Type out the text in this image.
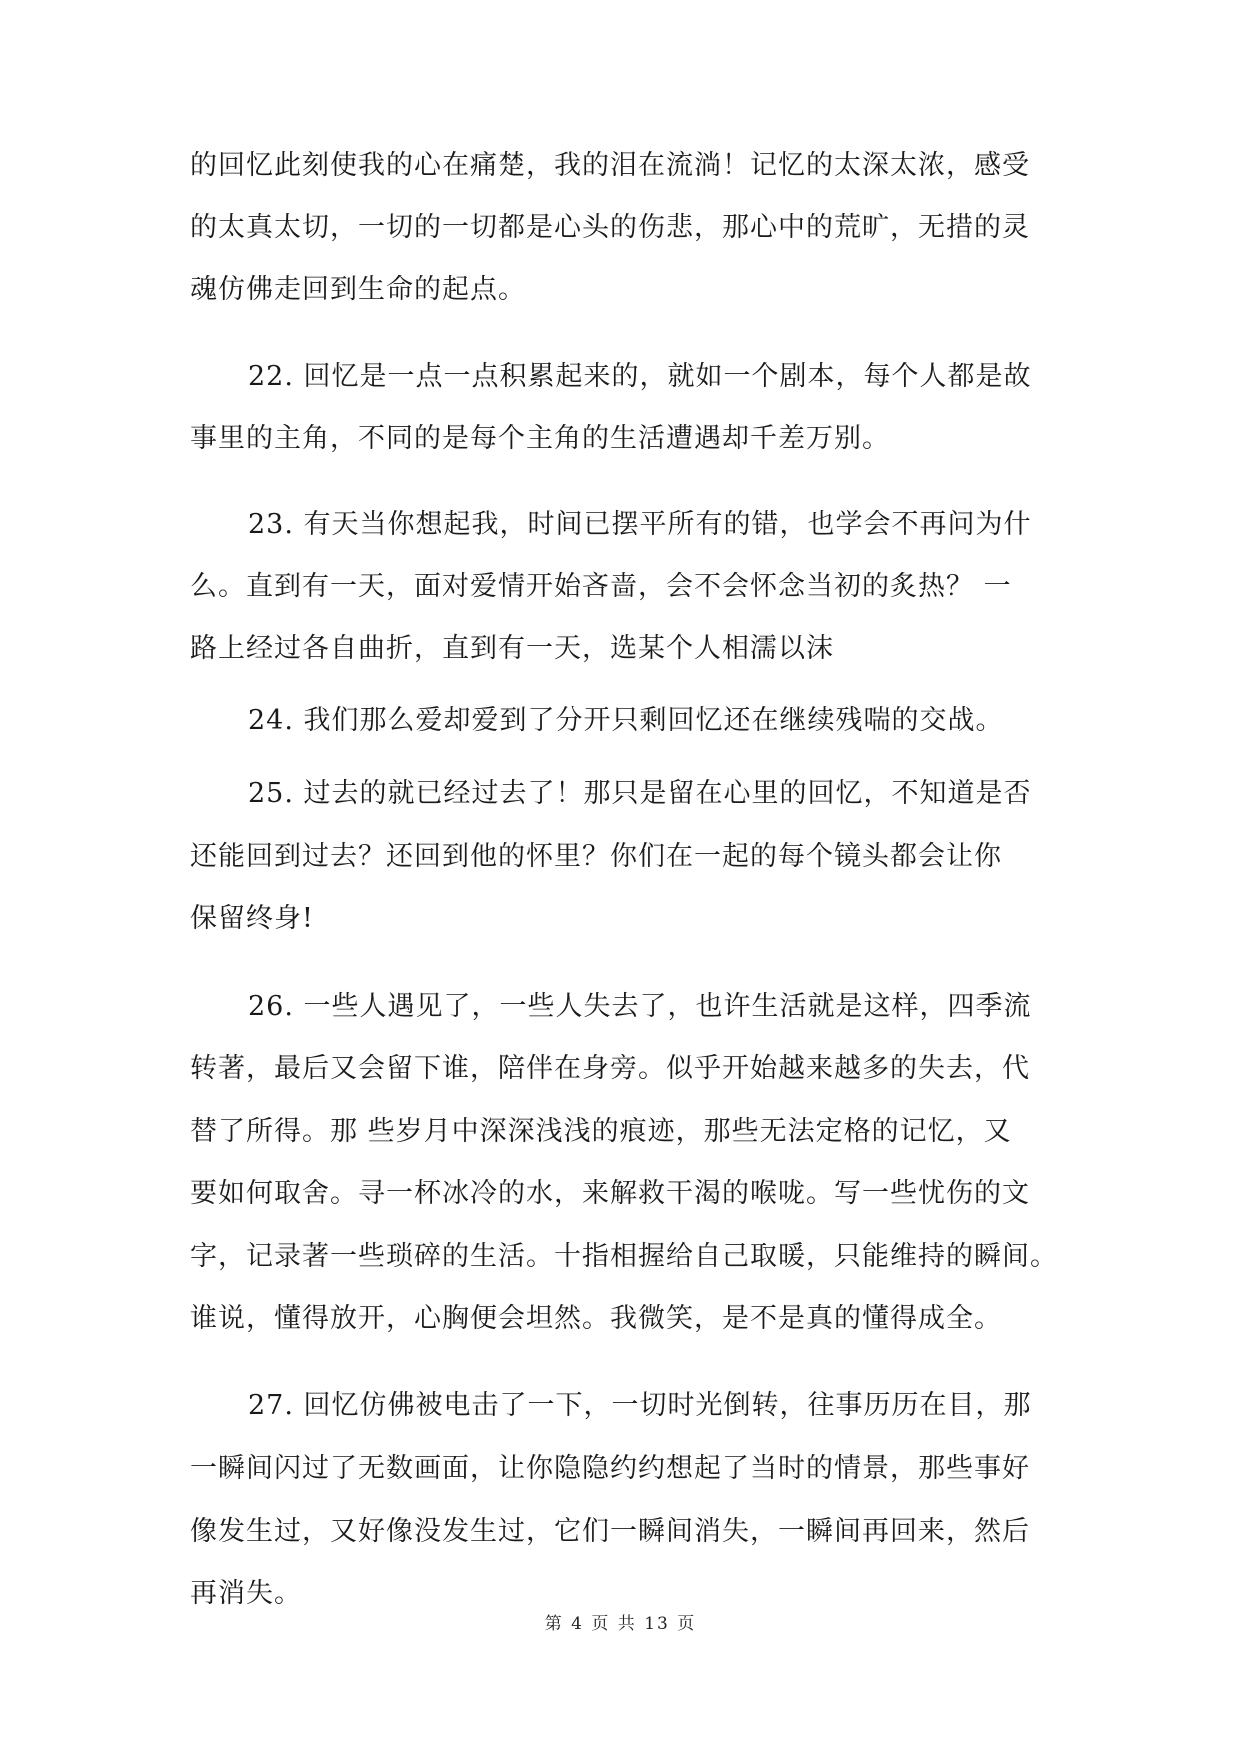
的回忆此刻使我的心在痛楚，我的泪在流淌！记忆的太深太浓，感受
的太真太切，一切的一切都是心头的伤悲，那心中的荒旷，无措的灵
魂仿佛走回到生命的起点。
22. 回忆是一点一点积累起来的，就如一个剧本，每个人都是故
事里的主角，不同的是每个主角的生活遭遇却千差万别。
23. 有天当你想起我，时间已摆平所有的错，也学会不再问为什
么。直到有一天，面对爱情开始吝啬，会不会怀念当初的炙热？ 一
路上经过各自曲折，直到有一天，选某个人相濡以沫
24. 我们那么爱却爱到了分开只剩回忆还在继续残喘的交战。
25. 过去的就已经过去了！那只是留在心里的回忆，不知道是否
还能回到过去？还回到他的怀里？你们在一起的每个镜头都会让你
保留终身!
26. 一些人遇见了，一些人失去了，也许生活就是这样，四季流
转著，最后又会留下谁，陪伴在身旁。似乎开始越来越多的失去，代
替了所得。那 些岁月中深深浅浅的痕迹，那些无法定格的记忆，又
要如何取舍。寻一杯冰冷的水，来解救干渴的喉咙。写一些忧伤的文
字，记录著一些琐碎的生活。十指相握给自己取暖，只能维持的瞬间。
谁说，懂得放开，心胸便会坦然。我微笑，是不是真的懂得成全。
27. 回忆仿佛被电击了一下，一切时光倒转，往事历历在目，那
一瞬间闪过了无数画面，让你隐隐约约想起了当时的情景，那些事好
像发生过，又好像没发生过，它们一瞬间消失，一瞬间再回来，然后
再消失。
第 4 页 共 13 页
